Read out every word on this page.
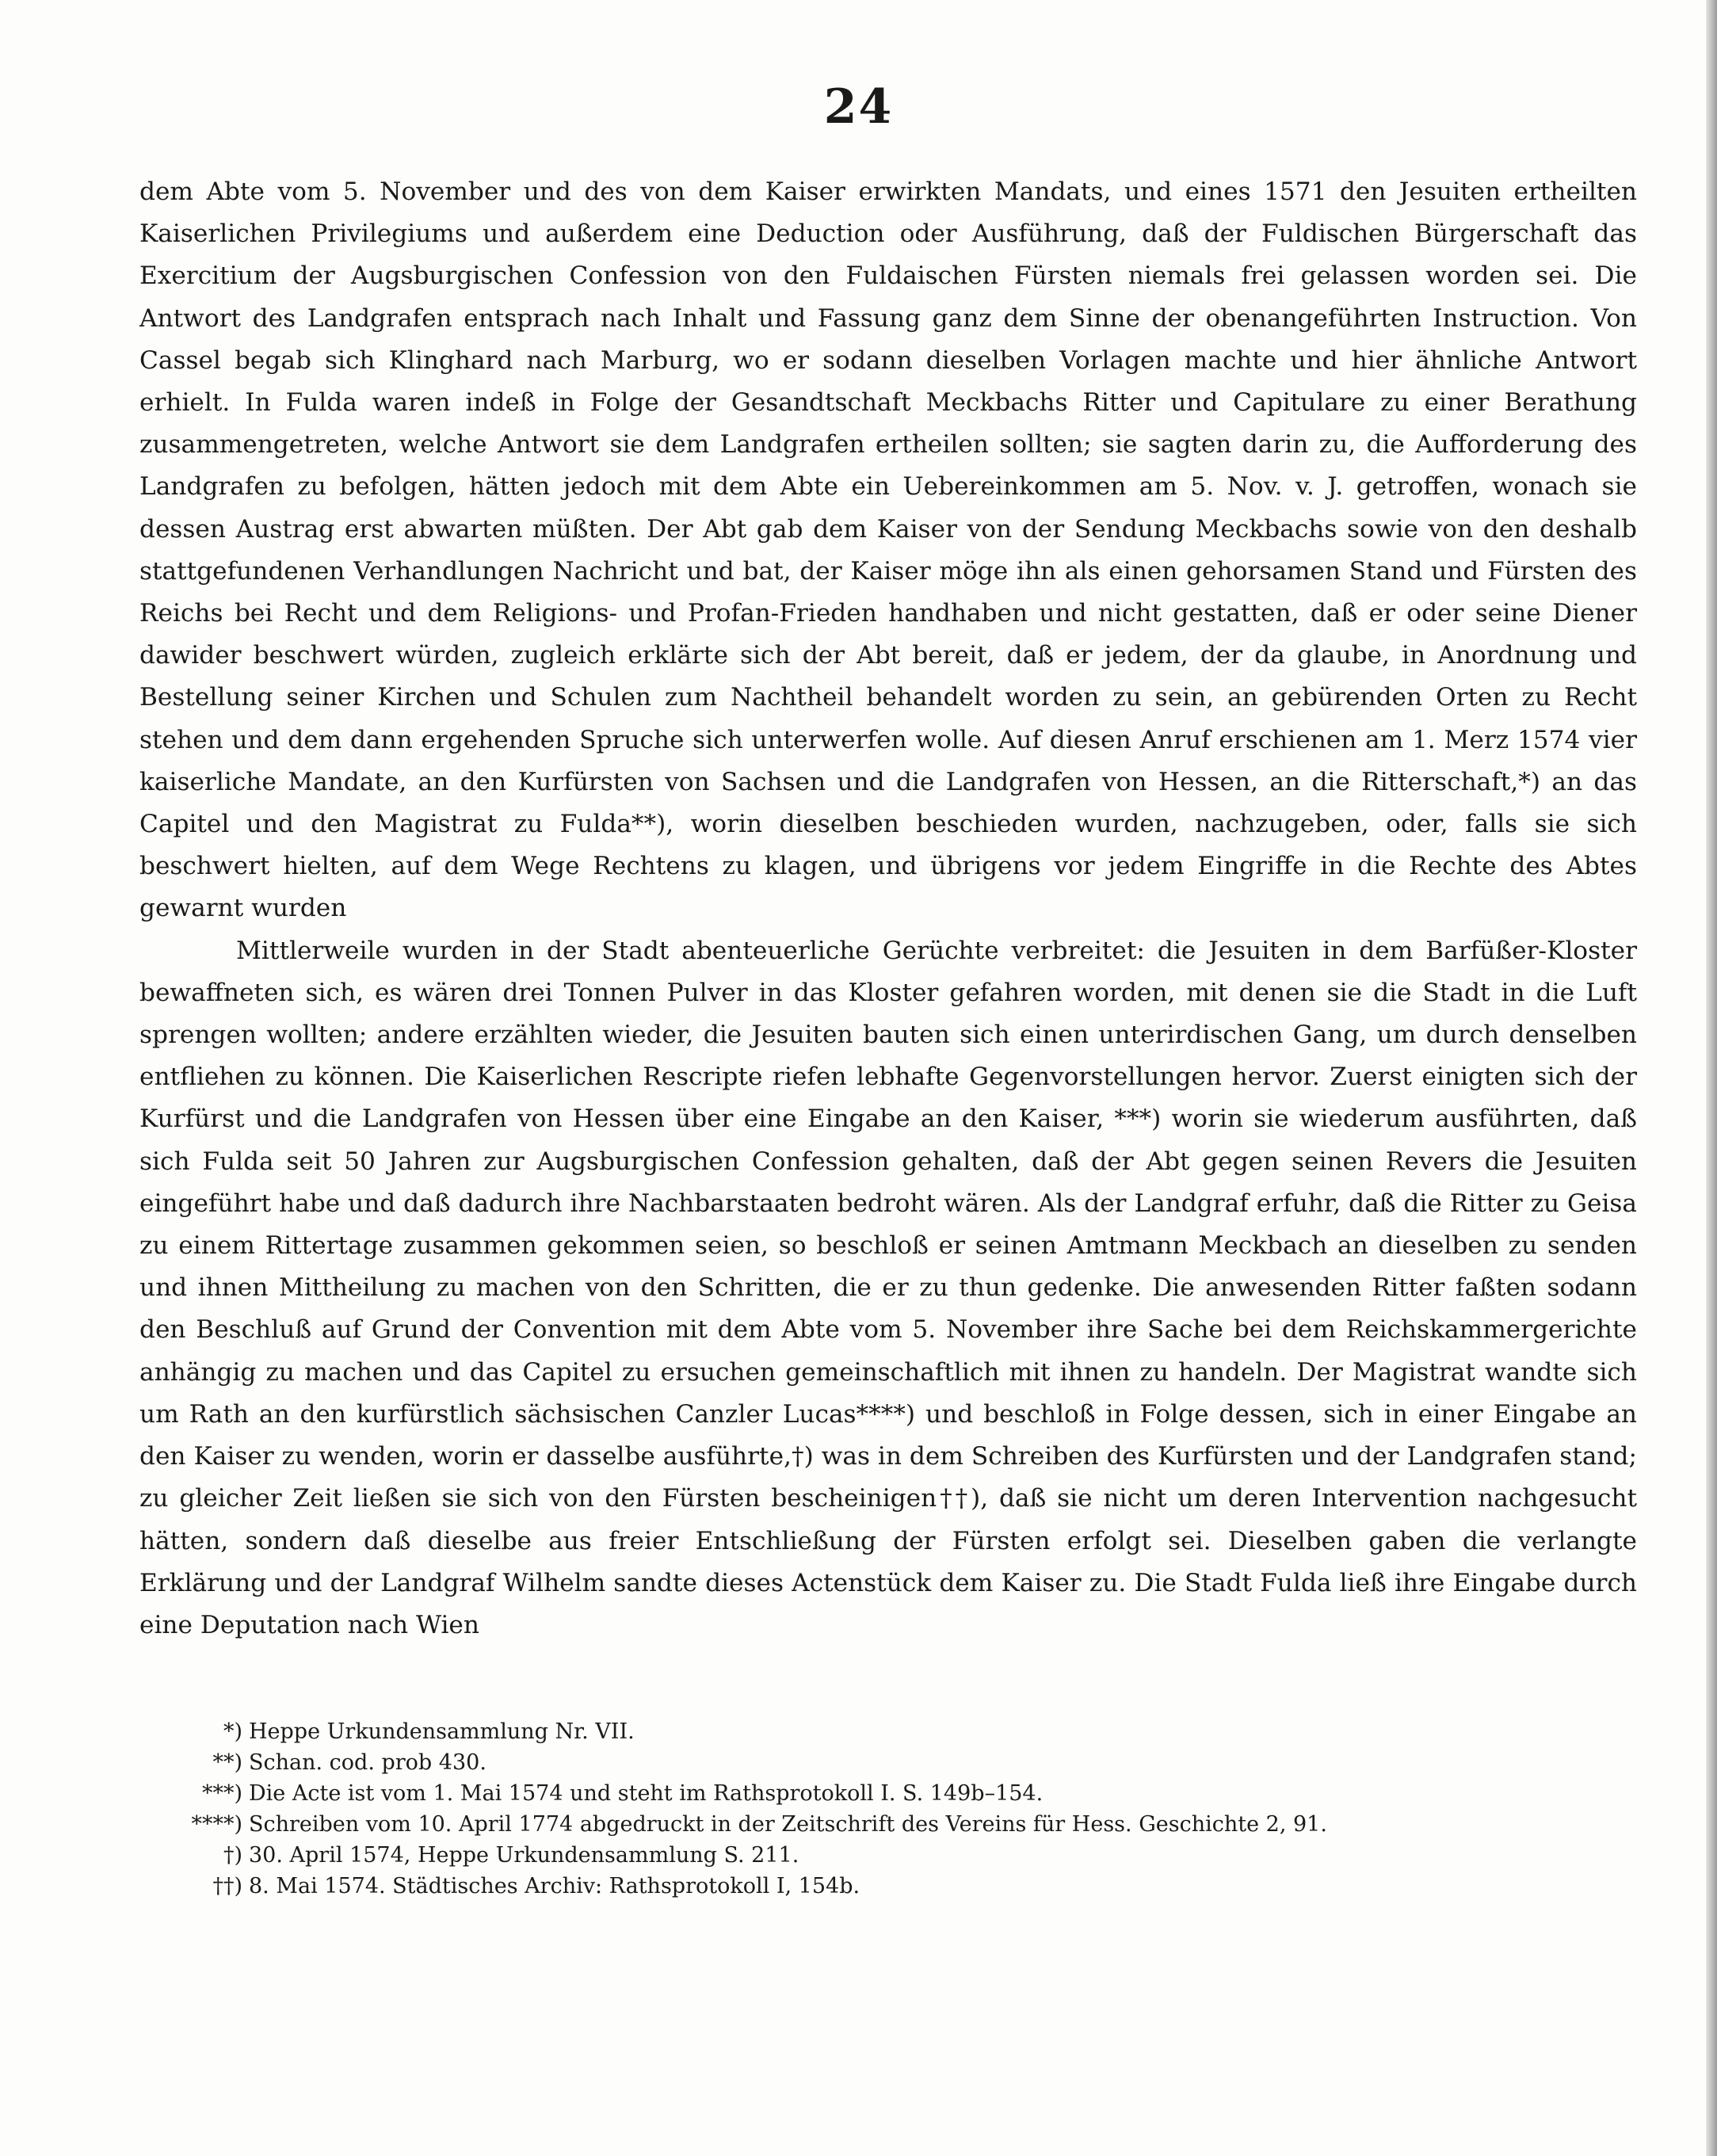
24

dem Abte vom 5. November und des von dem Kaiser erwirkten Mandats, und eines 1571 den Jesuiten ertheilten Kaiserlichen Privilegiums und außerdem eine Deduction oder Ausführung, daß der Fuldischen Bürgerschaft das Exercitium der Augsburgischen Confession von den Fuldaischen Fürsten niemals frei gelassen worden sei. Die Antwort des Landgrafen entsprach nach Inhalt und Fassung ganz dem Sinne der obenangeführten Instruction. Von Cassel begab sich Klinghard nach Marburg, wo er sodann dieselben Vorlagen machte und hier ähnliche Antwort erhielt. In Fulda waren indeß in Folge der Gesandtschaft Meckbachs Ritter und Capitulare zu einer Berathung zusammengetreten, welche Antwort sie dem Landgrafen ertheilen sollten; sie sagten darin zu, die Aufforderung des Landgrafen zu befolgen, hätten jedoch mit dem Abte ein Uebereinkommen am 5. Nov. v. J. getroffen, wonach sie dessen Austrag erst abwarten müßten. Der Abt gab dem Kaiser von der Sendung Meckbachs sowie von den deshalb stattgefundenen Verhandlungen Nachricht und bat, der Kaiser möge ihn als einen gehorsamen Stand und Fürsten des Reichs bei Recht und dem Religions- und Profan-Frieden handhaben und nicht gestatten, daß er oder seine Diener dawider beschwert würden, zugleich erklärte sich der Abt bereit, daß er jedem, der da glaube, in Anordnung und Bestellung seiner Kirchen und Schulen zum Nachtheil behandelt worden zu sein, an gebürenden Orten zu Recht stehen und dem dann ergehenden Spruche sich unterwerfen wolle. Auf diesen Anruf erschienen am 1. Merz 1574 vier kaiserliche Mandate, an den Kurfürsten von Sachsen und die Landgrafen von Hessen, an die Ritterschaft,*) an das Capitel und den Magistrat zu Fulda**), worin dieselben beschieden wurden, nachzugeben, oder, falls sie sich beschwert hielten, auf dem Wege Rechtens zu klagen, und übrigens vor jedem Eingriffe in die Rechte des Abtes gewarnt wurden

Mittlerweile wurden in der Stadt abenteuerliche Gerüchte verbreitet: die Jesuiten in dem Barfüßer-Kloster bewaffneten sich, es wären drei Tonnen Pulver in das Kloster gefahren worden, mit denen sie die Stadt in die Luft sprengen wollten; andere erzählten wieder, die Jesuiten bauten sich einen unterirdischen Gang, um durch denselben entfliehen zu können. Die Kaiserlichen Rescripte riefen lebhafte Gegenvorstellungen hervor. Zuerst einigten sich der Kurfürst und die Landgrafen von Hessen über eine Eingabe an den Kaiser, ***) worin sie wiederum ausführten, daß sich Fulda seit 50 Jahren zur Augsburgischen Confession gehalten, daß der Abt gegen seinen Revers die Jesuiten eingeführt habe und daß dadurch ihre Nachbarstaaten bedroht wären. Als der Landgraf erfuhr, daß die Ritter zu Geisa zu einem Rittertage zusammen gekommen seien, so beschloß er seinen Amtmann Meckbach an dieselben zu senden und ihnen Mittheilung zu machen von den Schritten, die er zu thun gedenke. Die anwesenden Ritter faßten sodann den Beschluß auf Grund der Convention mit dem Abte vom 5. November ihre Sache bei dem Reichskammergerichte anhängig zu machen und das Capitel zu ersuchen gemeinschaftlich mit ihnen zu handeln. Der Magistrat wandte sich um Rath an den kurfürstlich sächsischen Canzler Lucas****) und beschloß in Folge dessen, sich in einer Eingabe an den Kaiser zu wenden, worin er dasselbe ausführte,†) was in dem Schreiben des Kurfürsten und der Landgrafen stand; zu gleicher Zeit ließen sie sich von den Fürsten bescheinigen††), daß sie nicht um deren Intervention nachgesucht hätten, sondern daß dieselbe aus freier Entschließung der Fürsten erfolgt sei. Dieselben gaben die verlangte Erklärung und der Landgraf Wilhelm sandte dieses Actenstück dem Kaiser zu. Die Stadt Fulda ließ ihre Eingabe durch eine Deputation nach Wien

*) Heppe Urkundensammlung Nr. VII.
**) Schan. cod. prob 430.
***) Die Acte ist vom 1. Mai 1574 und steht im Rathsprotokoll I. S. 149b–154.
****) Schreiben vom 10. April 1774 abgedruckt in der Zeitschrift des Vereins für Hess. Geschichte 2, 91.
†) 30. April 1574, Heppe Urkundensammlung S. 211.
††) 8. Mai 1574. Städtisches Archiv: Rathsprotokoll I, 154b.
